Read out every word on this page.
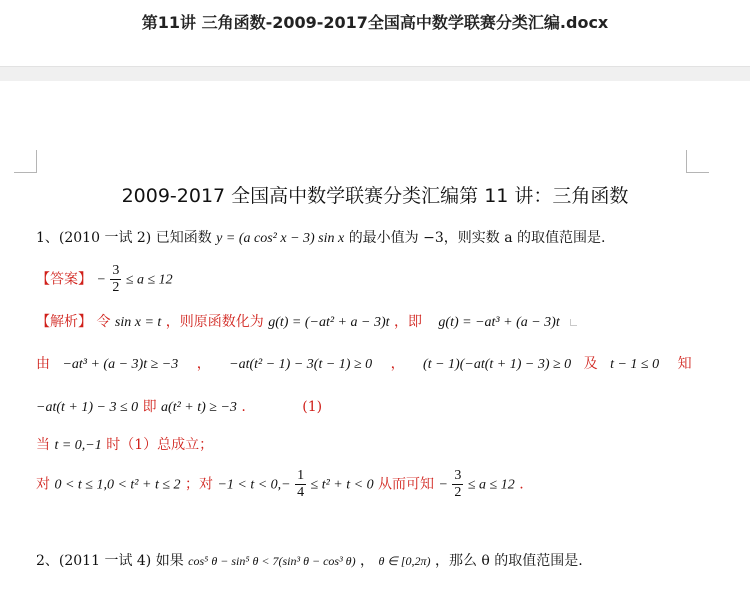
第11讲 三角函数-2009-2017全国高中数学联赛分类汇编.docx
2009-2017 全国高中数学联赛分类汇编第 11 讲：三角函数
1、(2010 一试 2) 已知函数 y = (a cos² x − 3) sin x 的最小值为 −3，则实数 a 的取值范围是.
【答案】 − $\frac{3}{2} \le a \le 12$
【解析】 令 sin x = t ，则原函数化为 g(t) = (−at² + a − 3)t ，即 g(t) = −at³ + (a − 3)t
由 −at³ + (a − 3)t ≥ −3 ， −at(t² − 1) − 3(t − 1) ≥ 0 ， (t − 1)(−at(t + 1) − 3) ≥ 0 及 t − 1 ≤ 0 知
−at(t + 1) − 3 ≤ 0 即 a(t² + t) ≥ −3 .	(1)
当 t = 0,−1 时（1）总成立；
对 0 < t ≤ 1,0 < t² + t ≤ 2 ；对 $-1 < t < 0,- \frac{1}{4} \le t^2 + t < 0$ 从而可知 − $\frac{3}{2} \le a \le 12$ .
2、(2011 一试 4) 如果 cos⁵ θ − sin⁵ θ < 7(sin³ θ − cos³ θ) ， θ ∈ [0,2π) ，那么 θ 的取值范围是.
